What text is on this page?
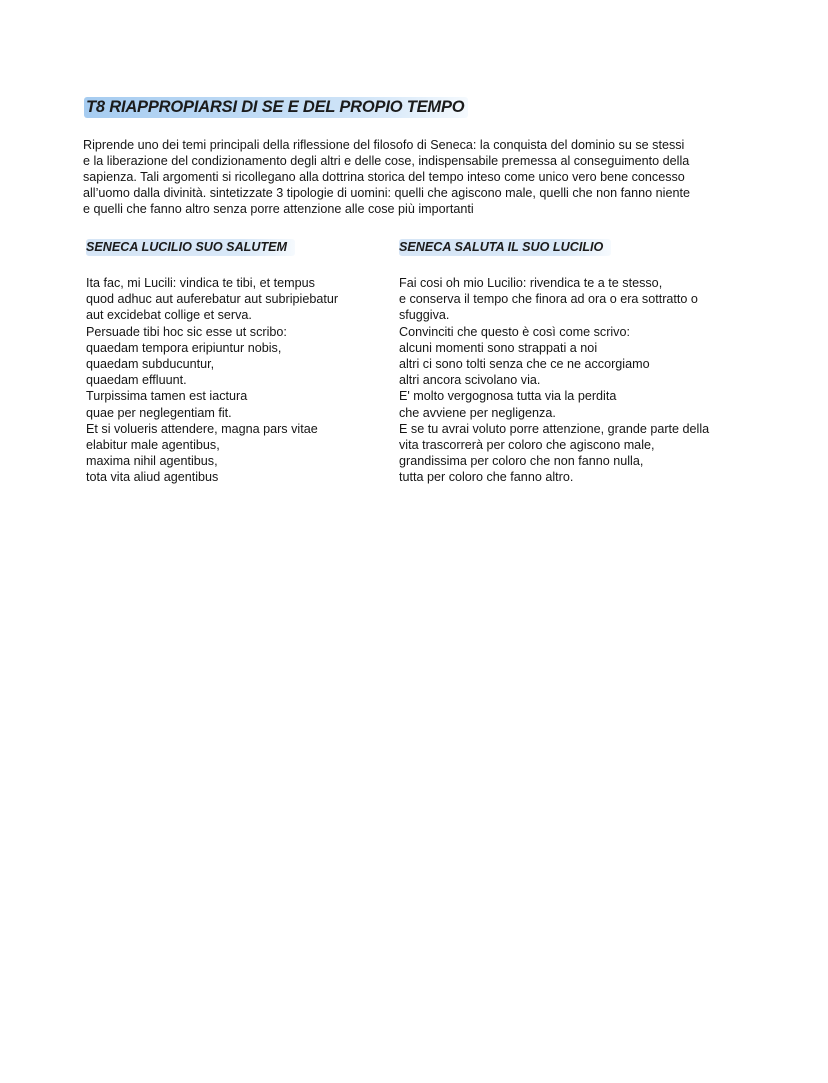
T8 RIAPPROPIARSI DI SE E DEL PROPIO TEMPO

Riprende uno dei temi principali della riflessione del filosofo di Seneca: la conquista del dominio su se stessi
e la liberazione del condizionamento degli altri e delle cose, indispensabile premessa al conseguimento della
sapienza. Tali argomenti si ricollegano alla dottrina storica del tempo inteso come unico vero bene concesso
all’uomo dalla divinità. sintetizzate 3 tipologie di uomini: quelli che agiscono male, quelli che non fanno niente
e quelli che fanno altro senza porre attenzione alle cose più importanti

SENECA LUCILIO SUO SALUTEM
Ita fac, mi Lucili: vindica te tibi, et tempus
quod adhuc aut auferebatur aut subripiebatur
aut excidebat collige et serva.
Persuade tibi hoc sic esse ut scribo:
quaedam tempora eripiuntur nobis,
quaedam subducuntur,
quaedam effluunt.
Turpissima tamen est iactura
quae per neglegentiam fit.
Et si volueris attendere, magna pars vitae
elabitur male agentibus,
maxima nihil agentibus,
tota vita aliud agentibus
SENECA SALUTA IL SUO LUCILIO
Fai cosi oh mio Lucilio: rivendica te a te stesso,
e conserva il tempo che finora ad ora o era sottratto o
sfuggiva.
Convinciti che questo è così come scrivo:
alcuni momenti sono strappati a noi
altri ci sono tolti senza che ce ne accorgiamo
altri ancora scivolano via.
E' molto vergognosa tutta via la perdita
che avviene per negligenza.
E se tu avrai voluto porre attenzione, grande parte della
vita trascorrerà per coloro che agiscono male,
grandissima per coloro che non fanno nulla,
tutta per coloro che fanno altro.
